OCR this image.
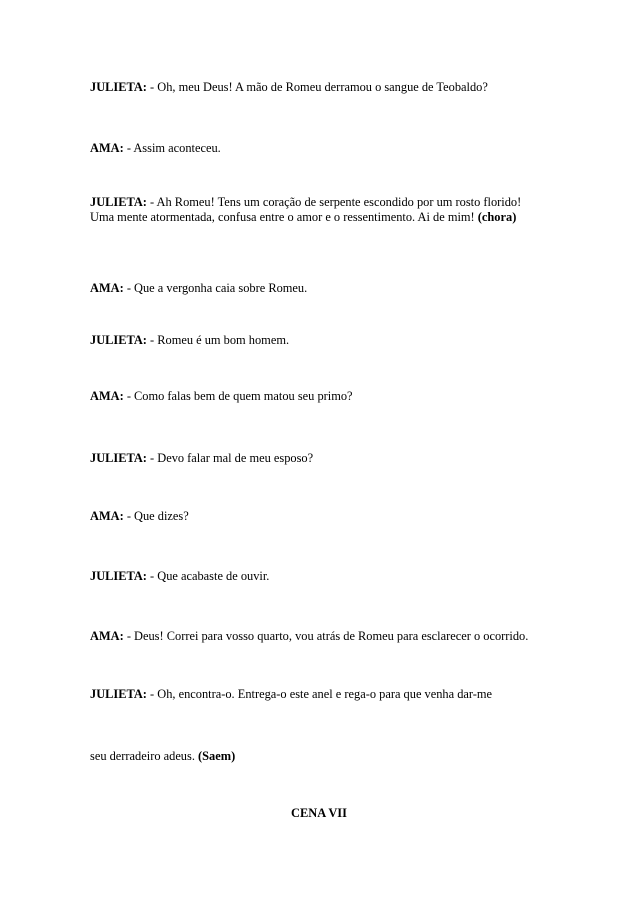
JULIETA: - Oh, meu Deus! A mão de Romeu derramou o sangue de Teobaldo?
AMA: - Assim aconteceu.
JULIETA: - Ah Romeu! Tens um coração de serpente escondido por um rosto florido!
Uma mente atormentada, confusa entre o amor e o ressentimento. Ai de mim! (chora)
AMA: - Que a vergonha caia sobre Romeu.
JULIETA: - Romeu é um bom homem.
AMA: - Como falas bem de quem matou seu primo?
JULIETA: - Devo falar mal de meu esposo?
AMA: - Que dizes?
JULIETA: - Que acabaste de ouvir.
AMA: - Deus! Correi para vosso quarto, vou atrás de Romeu para esclarecer o ocorrido.
JULIETA: - Oh, encontra-o. Entrega-o este anel e rega-o para que venha dar-me
seu derradeiro adeus. (Saem)
CENA VII
